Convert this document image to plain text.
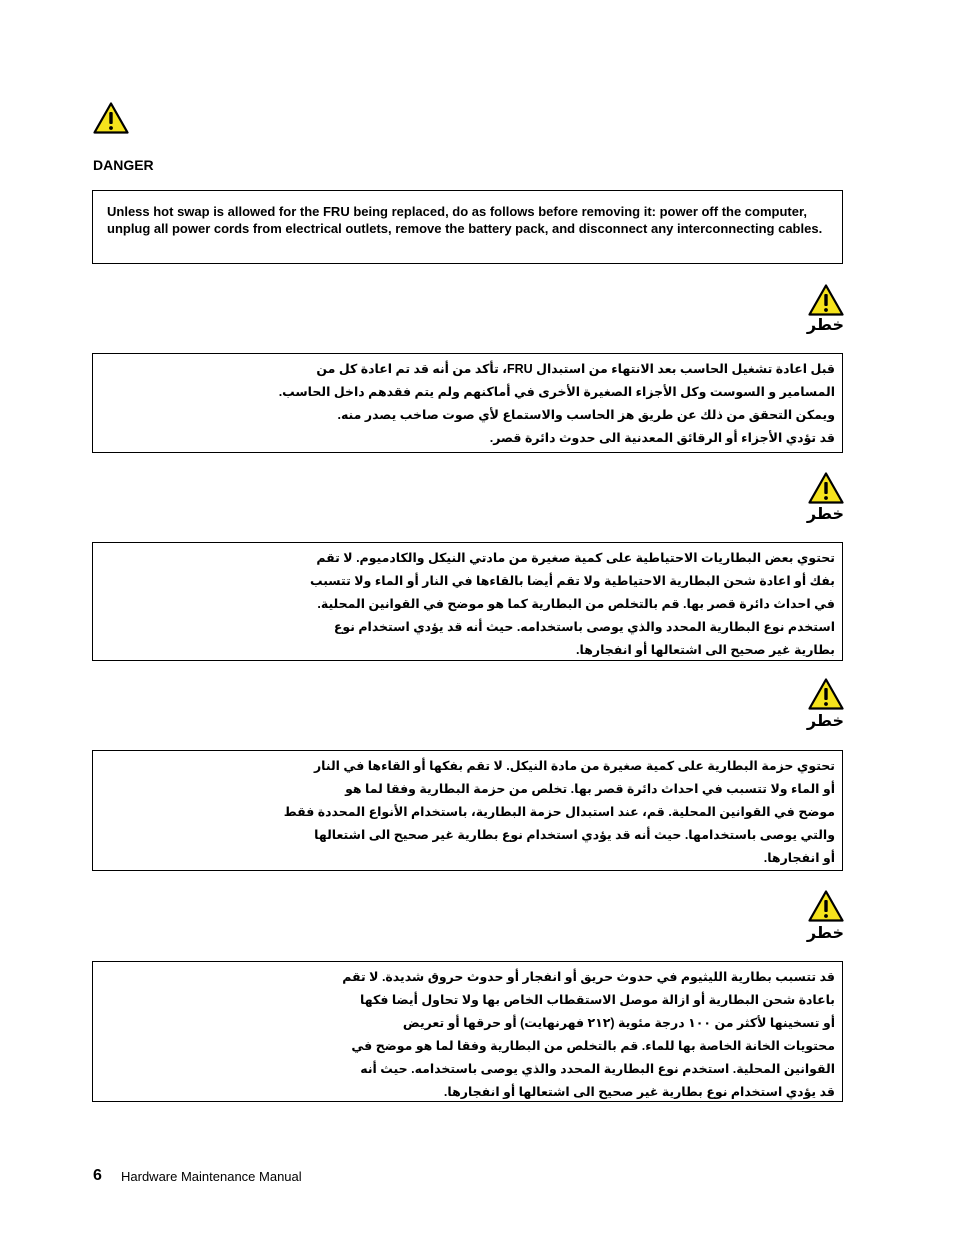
DANGER
Unless hot swap is allowed for the FRU being replaced, do as follows before removing it: power off the computer, unplug all power cords from electrical outlets, remove the battery pack, and disconnect any interconnecting cables.
خطر
قبل اعادة تشغيل الحاسب بعد الانتهاء من استبدال FRU، تأكد من أنه قد تم اعادة كل من
المسامير و السوست وكل الأجزاء الصغيرة الأخرى في أماكنهم ولم يتم فقدهم داخل الحاسب.
ويمكن التحقق من ذلك عن طريق هز الحاسب والاستماع لأي صوت صاخب يصدر منه.
قد تؤدي الأجزاء أو الرقائق المعدنية الى حدوث دائرة قصر.
خطر
تحتوي بعض البطاريات الاحتياطية على كمية صغيرة من مادتي النيكل والكادميوم. لا تقم
بفك أو اعادة شحن البطارية الاحتياطية ولا تقم أيضا بالقاءها في النار أو الماء ولا تتسبب
في احداث دائرة قصر بها. قم بالتخلص من البطارية كما هو موضح في القوانين المحلية.
استخدم نوع البطارية المحدد والذي يوصى باستخدامه. حيث أنه قد يؤدي استخدام نوع
بطارية غير صحيح الى اشتعالها أو انفجارها.
خطر
تحتوي حزمة البطارية على كمية صغيرة من مادة النيكل. لا تقم بفكها أو القاءها في النار
أو الماء ولا تتسبب في احداث دائرة قصر بها. تخلص من حزمة البطارية وفقا لما هو
موضح في القوانين المحلية. قم، عند استبدال حزمة البطارية، باستخدام الأنواع المحددة فقط
والتي يوصى باستخدامها. حيث أنه قد يؤدي استخدام نوع بطارية غير صحيح الى اشتعالها
أو انفجارها.
خطر
قد تتسبب بطارية الليثيوم في حدوث حريق أو انفجار أو حدوث حروق شديدة. لا تقم
باعادة شحن البطارية أو ازالة موصل الاستقطاب الخاص بها ولا تحاول أيضا فكها
أو تسخينها لأكثر من ١٠٠ درجة مئوية (٢١٢ فهرنهايت) أو حرقها أو تعريض
محتويات الخانة الخاصة بها للماء. قم بالتخلص من البطارية وفقا لما هو موضح في
القوانين المحلية. استخدم نوع البطارية المحدد والذي يوصى باستخدامه. حيث أنه
قد يؤدي استخدام نوع بطارية غير صحيح الى اشتعالها أو انفجارها.
6 Hardware Maintenance Manual
